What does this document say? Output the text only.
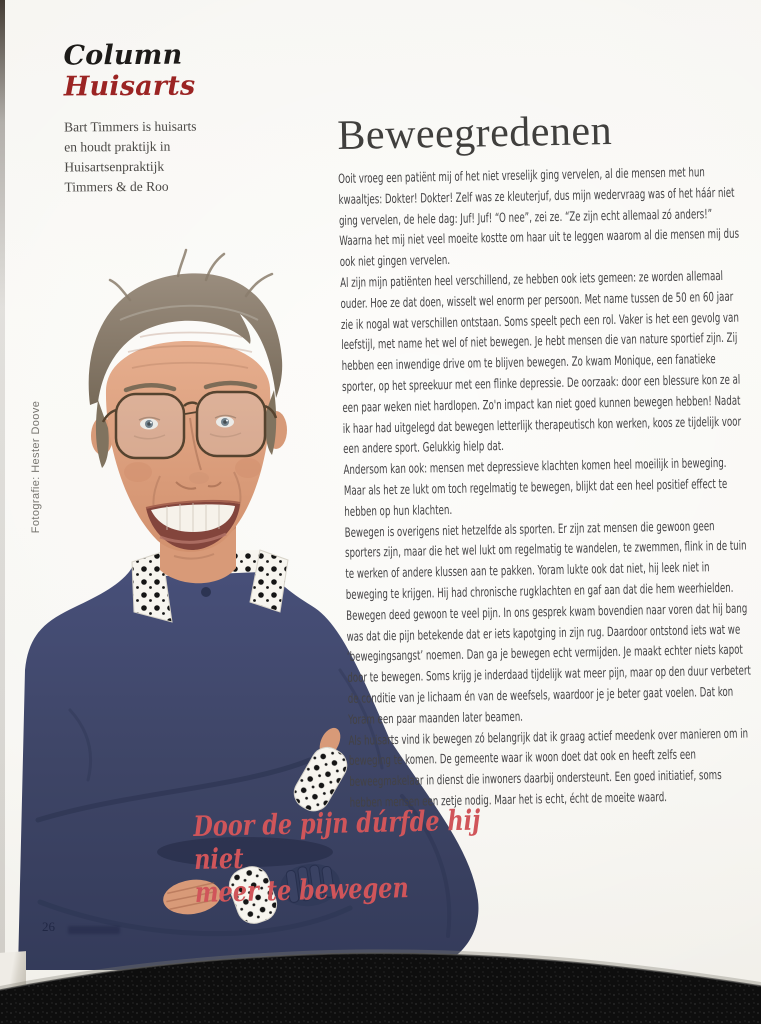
Column
Huisarts
Bart Timmers is huisarts
en houdt praktijk in
Huisartsenpraktijk
Timmers & de Roo
Fotografie: Hester Doove
Beweegredenen

Ooit vroeg een patiënt mij of het niet vreselijk ging vervelen, al die mensen met hun kwaaltjes: Dokter! Dokter! Zelf was ze kleuterjuf, dus mijn wedervraag was of het háár niet ging vervelen, de hele dag: Juf! Juf! “O nee”, zei ze. “Ze zijn echt allemaal zó anders!” Waarna het mij niet veel moeite kostte om haar uit te leggen waarom al die mensen mij dus ook niet gingen vervelen.

Al zijn mijn patiënten heel verschillend, ze hebben ook iets gemeen: ze worden allemaal ouder. Hoe ze dat doen, wisselt wel enorm per persoon. Met name tussen de 50 en 60 jaar zie ik nogal wat verschillen ontstaan. Soms speelt pech een rol. Vaker is het een gevolg van leefstijl, met name het wel of niet bewegen. Je hebt mensen die van nature sportief zijn. Zij hebben een inwendige drive om te blijven bewegen. Zo kwam Monique, een fanatieke sporter, op het spreekuur met een flinke depressie. De oorzaak: door een blessure kon ze al een paar weken niet hardlopen. Zo'n impact kan niet goed kunnen bewegen hebben! Nadat ik haar had uitgelegd dat bewegen letterlijk therapeutisch kon werken, koos ze tijdelijk voor een andere sport. Gelukkig hielp dat.

Andersom kan ook: mensen met depressieve klachten komen heel moeilijk in beweging. Maar als het ze lukt om toch regelmatig te bewegen, blijkt dat een heel positief effect te hebben op hun klachten.

Bewegen is overigens niet hetzelfde als sporten. Er zijn zat mensen die gewoon geen sporters zijn, maar die het wel lukt om regelmatig te wandelen, te zwemmen, flink in de tuin te werken of andere klussen aan te pakken. Yoram lukte ook dat niet, hij leek niet in beweging te krijgen. Hij had chronische rugklachten en gaf aan dat die hem weerhielden. Bewegen deed gewoon te veel pijn. In ons gesprek kwam bovendien naar voren dat hij bang was dat die pijn betekende dat er iets kapotging in zijn rug. Daardoor ontstond iets wat we ‘bewegingsangst’ noemen. Dan ga je bewegen echt vermijden. Je maakt echter niets kapot door te bewegen. Soms krijg je inderdaad tijdelijk wat meer pijn, maar op den duur verbetert de conditie van je lichaam én van de weefsels, waardoor je je beter gaat voelen. Dat kon Yoram een paar maanden later beamen.

Als huisarts vind ik bewegen zó belangrijk dat ik graag actief meedenk over manieren om in beweging te komen. De gemeente waar ik woon doet dat ook en heeft zelfs een beweegmakelaar in dienst die inwoners daarbij ondersteunt. Een goed initiatief, soms hebben mensen een zetje nodig. Maar het is echt, écht de moeite waard.

Door de pijn dúrfde hij niet
meer te bewegen
26
